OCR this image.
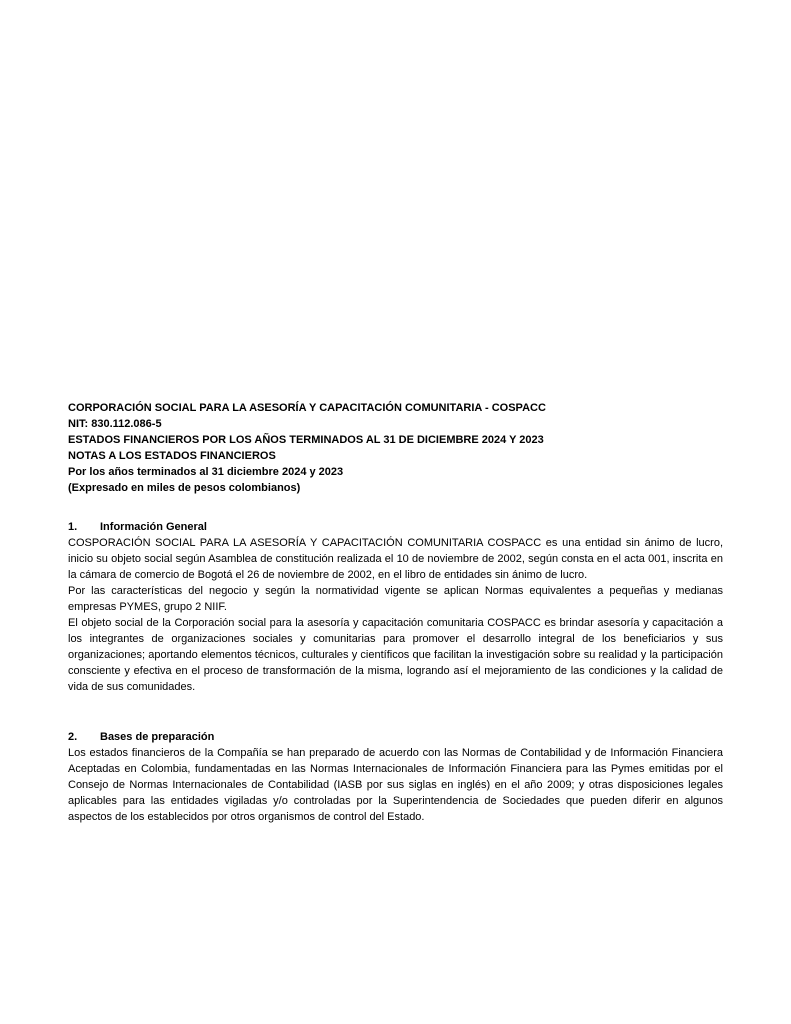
CORPORACIÓN SOCIAL PARA LA ASESORÍA Y CAPACITACIÓN COMUNITARIA - COSPACC
NIT: 830.112.086-5
ESTADOS FINANCIEROS POR LOS AÑOS TERMINADOS AL 31 DE DICIEMBRE 2024 Y 2023
NOTAS A LOS ESTADOS FINANCIEROS
Por los años terminados al 31 diciembre 2024 y 2023
(Expresado en miles de pesos colombianos)
1.	Información General

COSPORACIÓN SOCIAL PARA LA ASESORÍA Y CAPACITACIÓN COMUNITARIA COSPACC es una entidad sin ánimo de lucro, inicio su objeto social según Asamblea de constitución realizada el 10 de noviembre de 2002, según consta en el acta 001, inscrita en la cámara de comercio de Bogotá el 26 de noviembre de 2002, en el libro de entidades sin ánimo de lucro.

Por las características del negocio y según la normatividad vigente se aplican Normas equivalentes a pequeñas y medianas empresas PYMES, grupo 2 NIIF.

El objeto social de la Corporación social para la asesoría y capacitación comunitaria COSPACC es brindar asesoría y capacitación a los integrantes de organizaciones sociales y comunitarias para promover el desarrollo integral de los beneficiarios y sus organizaciones; aportando elementos técnicos, culturales y científicos que facilitan la investigación sobre su realidad y la participación consciente y efectiva en el proceso de transformación de la misma, logrando así el mejoramiento de las condiciones y la calidad de vida de sus comunidades.

2.	Bases de preparación

Los estados financieros de la Compañía se han preparado de acuerdo con las Normas de Contabilidad y de Información Financiera Aceptadas en Colombia, fundamentadas en las Normas Internacionales de Información Financiera para las Pymes emitidas por el Consejo de Normas Internacionales de Contabilidad (IASB por sus siglas en inglés) en el año 2009; y otras disposiciones legales aplicables para las entidades vigiladas y/o controladas por la Superintendencia de Sociedades que pueden diferir en algunos aspectos de los establecidos por otros organismos de control del Estado.
